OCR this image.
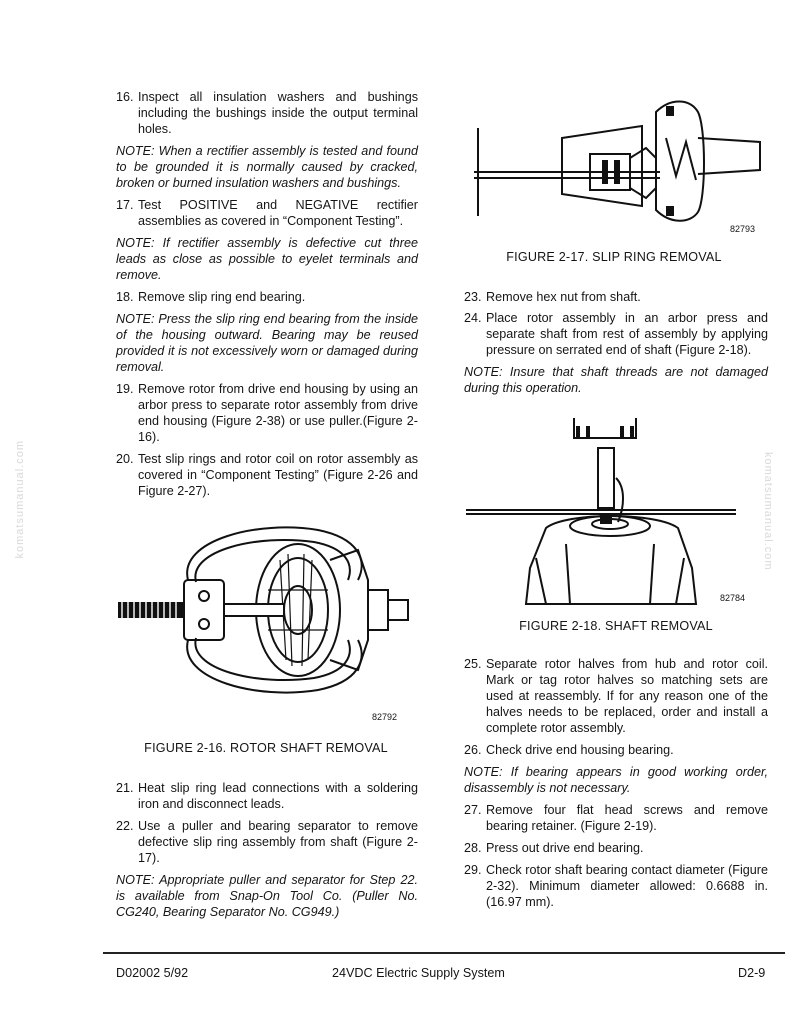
komatsumanual.com	komatsumanual.com

16. Inspect all insulation washers and bushings including the bushings inside the output terminal holes.

NOTE: When a rectifier assembly is tested and found to be grounded it is normally caused by cracked, broken or burned insulation washers and bushings.

17. Test POSITIVE and NEGATIVE rectifier assemblies as covered in “Component Testing”.

NOTE: If rectifier assembly is defective cut three leads as close as possible to eyelet terminals and remove.

18. Remove slip ring end bearing.

NOTE: Press the slip ring end bearing from the inside of the housing outward. Bearing may be reused provided it is not excessively worn or damaged during removal.

19. Remove rotor from drive end housing by using an arbor press to separate rotor assembly from drive end housing (Figure 2-38) or use puller.(Figure 2-16).

20. Test slip rings and rotor coil on rotor assembly as covered in “Component Testing” (Figure 2-26 and Figure 2-27).

82792
FIGURE 2-16. ROTOR SHAFT REMOVAL

21. Heat slip ring lead connections with a soldering iron and disconnect leads.

22. Use a puller and bearing separator to remove defective slip ring assembly from shaft (Figure 2-17).

NOTE: Appropriate puller and separator for Step 22. is available from Snap-On Tool Co. (Puller No. CG240, Bearing Separator No. CG949.)

82793
FIGURE 2-17. SLIP RING REMOVAL

23. Remove hex nut from shaft.

24. Place rotor assembly in an arbor press and separate shaft from rest of assembly by applying pressure on serrated end of shaft (Figure 2-18).

NOTE: Insure that shaft threads are not damaged during this operation.

82784
FIGURE 2-18. SHAFT REMOVAL

25. Separate rotor halves from hub and rotor coil. Mark or tag rotor halves so matching sets are used at reassembly. If for any reason one of the halves needs to be replaced, order and install a complete rotor assembly.

26. Check drive end housing bearing.

NOTE: If bearing appears in good working order, disassembly is not necessary.

27. Remove four flat head screws and remove bearing retainer. (Figure 2-19).

28. Press out drive end bearing.

29. Check rotor shaft bearing contact diameter (Figure 2-32). Minimum diameter allowed: 0.6688 in. (16.97 mm).

D02002 5/92	24VDC Electric Supply System	D2-9
